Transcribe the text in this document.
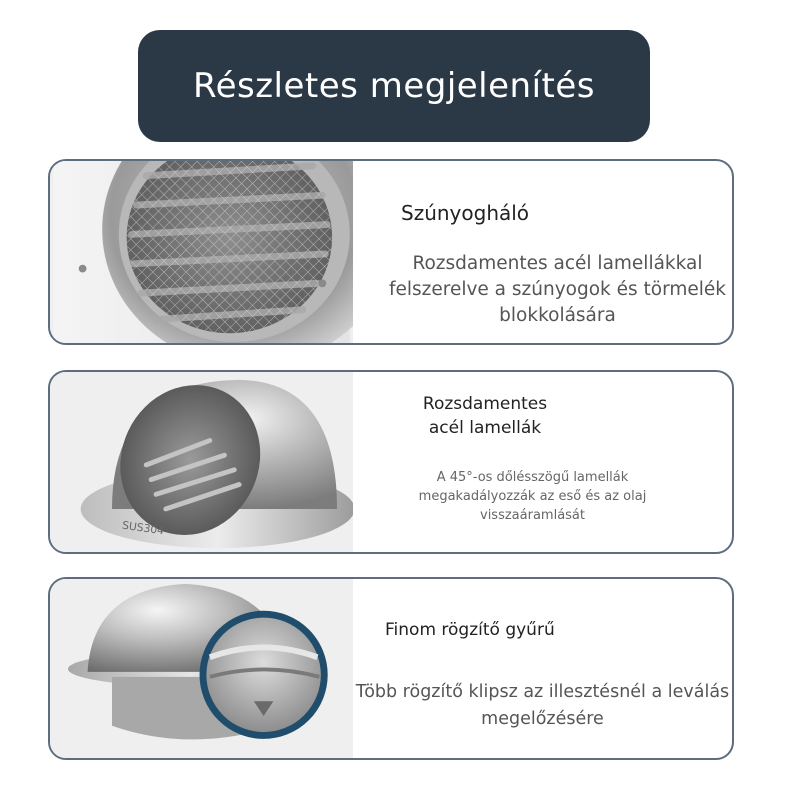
Részletes megjelenítés
Szúnyogháló
Rozsdamentes acél lamellákkal felszerelve a szúnyogok és törmelék blokkolására
SUS304
Rozsdamentes acél lamellák
A 45°-os dőlésszögű lamellák megakadályozzák az eső és az olaj visszaáramlását
Finom rögzítő gyűrű
Több rögzítő klipsz az illesztésnél a leválás megelőzésére
